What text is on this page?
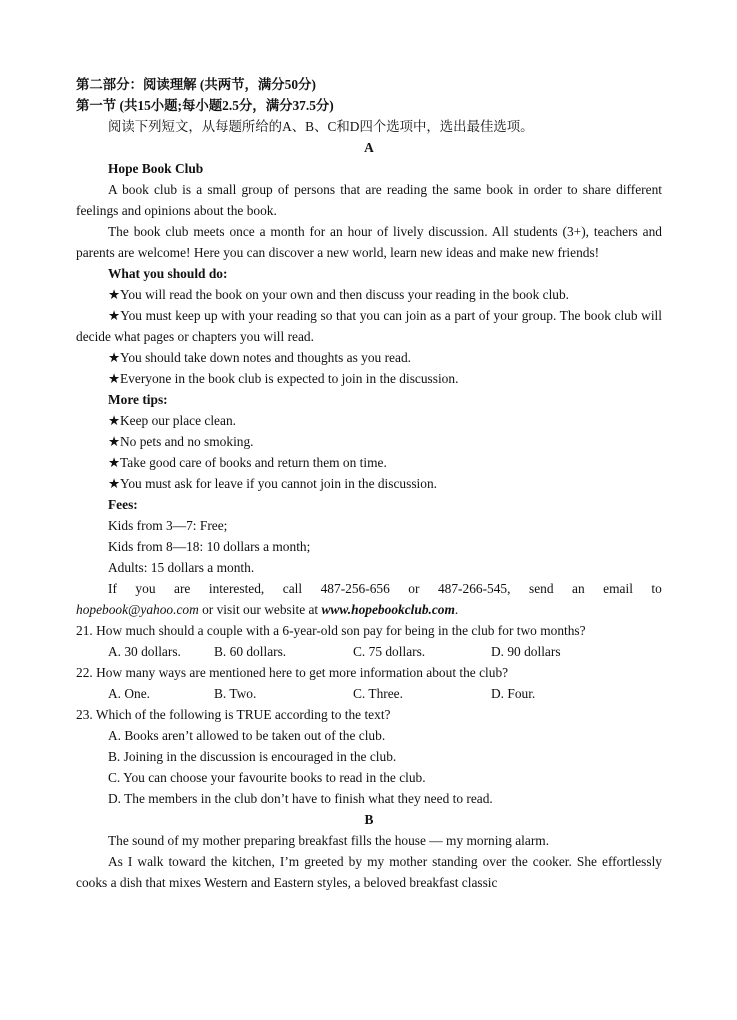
第二部分：阅读理解 (共两节，满分50分)

第一节 (共15小题;每小题2.5分，满分37.5分)

阅读下列短文，从每题所给的A、B、C和D四个选项中，选出最佳选项。

A

Hope Book Club

A book club is a small group of persons that are reading the same book in order to share different feelings and opinions about the book.

The book club meets once a month for an hour of lively discussion. All students (3+), teachers and parents are welcome! Here you can discover a new world, learn new ideas and make new friends!

What you should do:

★You will read the book on your own and then discuss your reading in the book club.

★You must keep up with your reading so that you can join as a part of your group. The book club will decide what pages or chapters you will read.

★You should take down notes and thoughts as you read.

★Everyone in the book club is expected to join in the discussion.

More tips:

★Keep our place clean.

★No pets and no smoking.

★Take good care of books and return them on time.

★You must ask for leave if you cannot join in the discussion.

Fees:

Kids from 3—7: Free;

Kids from 8—18: 10 dollars a month;

Adults: 15 dollars a month.

If you are interested, call 487-256-656 or 487-266-545, send an email to

hopebook@yahoo.com or visit our website at www.hopebookclub.com.

21. How much should a couple with a 6-year-old son pay for being in the club for two months?

A. 30 dollars.	B. 60 dollars.	C. 75 dollars.	D. 90 dollars

22. How many ways are mentioned here to get more information about the club?

A. One.	B. Two.	C. Three.	D. Four.

23. Which of the following is TRUE according to the text?

A. Books aren’t allowed to be taken out of the club.

B. Joining in the discussion is encouraged in the club.

C. You can choose your favourite books to read in the club.

D. The members in the club don’t have to finish what they need to read.

B

The sound of my mother preparing breakfast fills the house — my morning alarm.

As I walk toward the kitchen, I’m greeted by my mother standing over the cooker. She effortlessly cooks a dish that mixes Western and Eastern styles, a beloved breakfast classic
